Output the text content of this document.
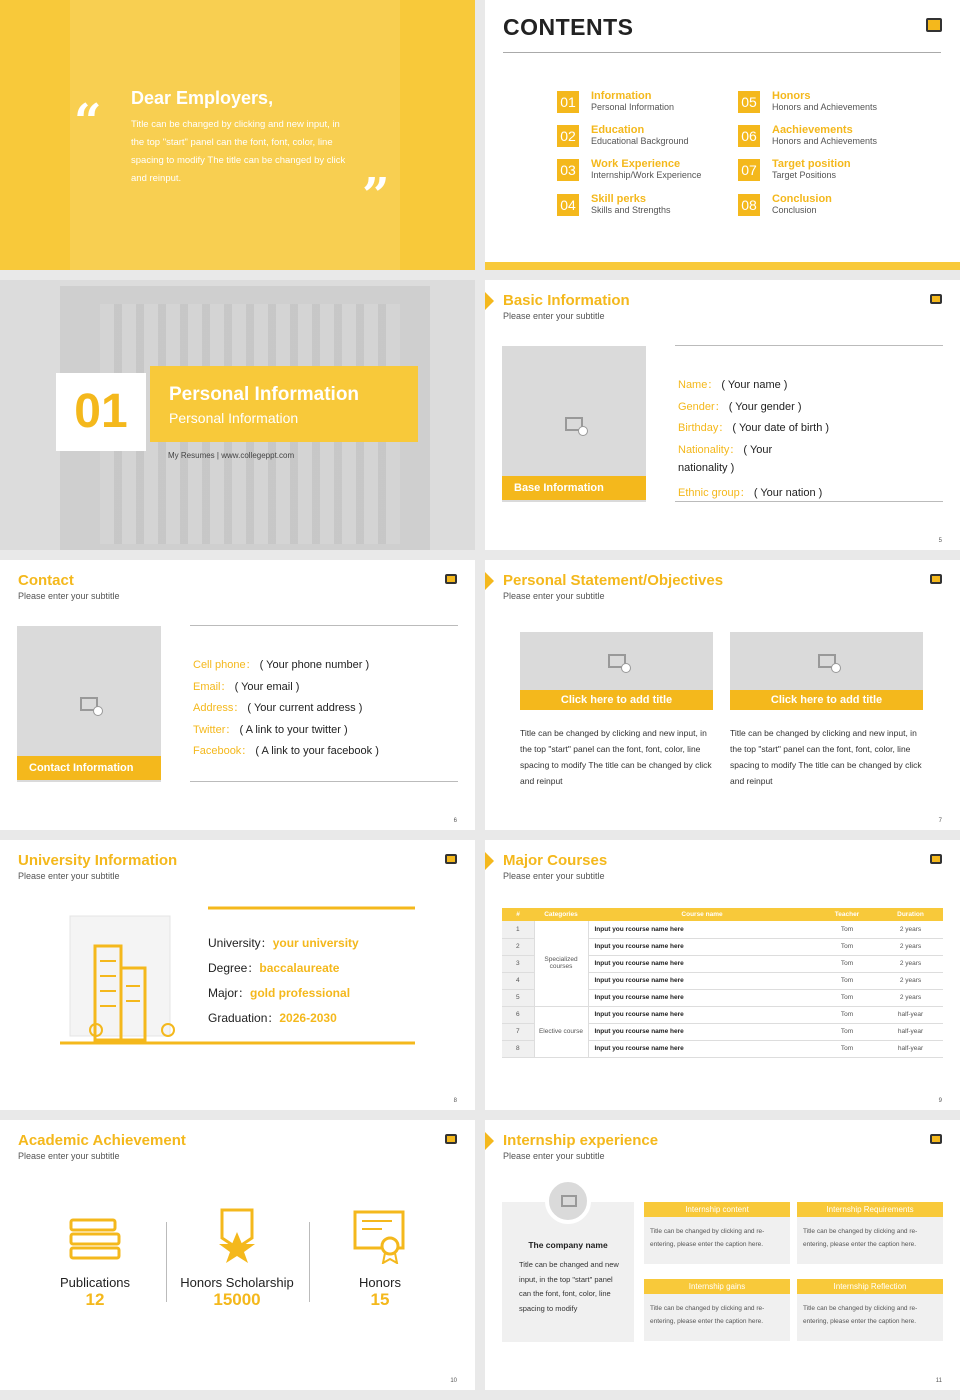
“ Dear Employers,
Title can be changed by clicking and new input, in the top "start" panel can the font, font, color, line spacing to modify The title can be changed by click and reinput.	”
CONTENTS
01 Information
Personal Information
02 Education
Educational Background
03 Work Experience
Internship/Work Experience
04 Skill perks
Skills and Strengths
05 Honors
Honors and Achievements
06 Aachievements
Honors and Achievements
07 Target position
Target Positions
08 Conclusion
Conclusion
01	Personal Information
Personal Information
My Resumes | www.collegeppt.com
Basic Information
Please enter your subtitle
Base Information
Name： ( Your name )
Gender： ( Your gender )
Birthday： ( Your date of birth )
Nationality： ( Your
nationality )
Ethnic group： ( Your nation )
5
Contact
Please enter your subtitle
Contact Information
Cell phone： ( Your phone number )
Email： ( Your email )
Address： ( Your current address )
Twitter： ( A link to your twitter )
Facebook： ( A link to your facebook )
6
Personal Statement/Objectives
Please enter your subtitle
Click here to add title
Title can be changed by clicking and new input, in the top "start" panel can the font, font, color, line spacing to modify The title can be changed by click and reinput
Click here to add title
Title can be changed by clicking and new input, in the top "start" panel can the font, font, color, line spacing to modify The title can be changed by click and reinput
7
University Information
Please enter your subtitle
University：your university
Degree：baccalaureate
Major：gold professional
Graduation：2026-2030
8
Major Courses
Please enter your subtitle
#	Categories	Course name	Teacher	Duration
1	Specialized courses	Input you rcourse name here	Tom	2 years
2		Input you rcourse name here	Tom	2 years
3		Input you rcourse name here	Tom	2 years
4		Input you rcourse name here	Tom	2 years
5		Input you rcourse name here	Tom	2 years
6	Elective course	Input you rcourse name here	Tom	half-year
7		Input you rcourse name here	Tom	half-year
8		Input you rcourse name here	Tom	half-year
9
Academic Achievement
Please enter your subtitle
Publications
12
Honors Scholarship
15000
Honors
15
10
Internship experience
Please enter your subtitle
The company name
Title can be changed and new input, in the top "start" panel can the font, font, color, line spacing to modify
Internship content
Title can be changed by clicking and re-entering, please enter the caption here.
Internship Requirements
Title can be changed by clicking and re-entering, please enter the caption here.
Internship gains
Title can be changed by clicking and re-entering, please enter the caption here.
Internship Reflection
Title can be changed by clicking and re-entering, please enter the caption here.
11
